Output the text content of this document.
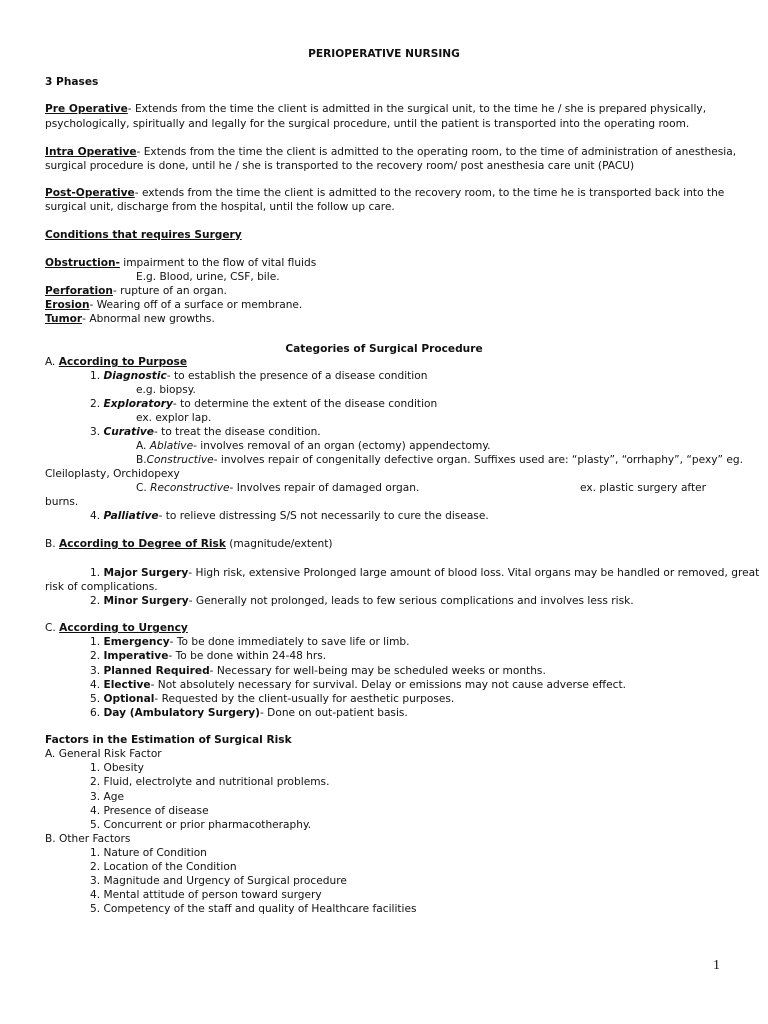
PERIOPERATIVE NURSING
3 Phases
Pre Operative- Extends from the time the client is admitted in the surgical unit, to the time he / she is prepared physically,
psychologically, spiritually and legally for the surgical procedure, until the patient is transported into the operating room.
Intra Operative- Extends from the time the client is admitted to the operating room, to the time of administration of anesthesia,
surgical procedure is done, until he / she is transported to the recovery room/ post anesthesia care unit (PACU)
Post-Operative- extends from the time the client is admitted to the recovery room, to the time he is transported back into the
surgical unit, discharge from the hospital, until the follow up care.
Conditions that requires Surgery
Obstruction- impairment to the flow of vital fluids
E.g. Blood, urine, CSF, bile.
Perforation- rupture of an organ.
Erosion- Wearing off of a surface or membrane.
Tumor- Abnormal new growths.
Categories of Surgical Procedure
A. According to Purpose
1. Diagnostic- to establish the presence of a disease condition
e.g. biopsy.
2. Exploratory- to determine the extent of the disease condition
ex. explor lap.
3. Curative- to treat the disease condition.
A. Ablative- involves removal of an organ (ectomy) appendectomy.
B.Constructive- involves repair of congenitally defective organ. Suffixes used are: “plasty”, “orrhaphy”, “pexy” eg.
Cleiloplasty, Orchidopexy
C. Reconstructive- Involves repair of damaged organ.	ex. plastic surgery after
burns.
4. Palliative- to relieve distressing S/S not necessarily to cure the disease.
B. According to Degree of Risk (magnitude/extent)
1. Major Surgery- High risk, extensive Prolonged large amount of blood loss. Vital organs may be handled or removed, great
risk of complications.
2. Minor Surgery- Generally not prolonged, leads to few serious complications and involves less risk.
C. According to Urgency
1. Emergency- To be done immediately to save life or limb.
2. Imperative- To be done within 24-48 hrs.
3. Planned Required- Necessary for well-being may be scheduled weeks or months.
4. Elective- Not absolutely necessary for survival. Delay or emissions may not cause adverse effect.
5. Optional- Requested by the client-usually for aesthetic purposes.
6. Day (Ambulatory Surgery)- Done on out-patient basis.
Factors in the Estimation of Surgical Risk
A. General Risk Factor
1. Obesity
2. Fluid, electrolyte and nutritional problems.
3. Age
4. Presence of disease
5. Concurrent or prior pharmacotheraphy.
B. Other Factors
1. Nature of Condition
2. Location of the Condition
3. Magnitude and Urgency of Surgical procedure
4. Mental attitude of person toward surgery
5. Competency of the staff and quality of Healthcare facilities
1
